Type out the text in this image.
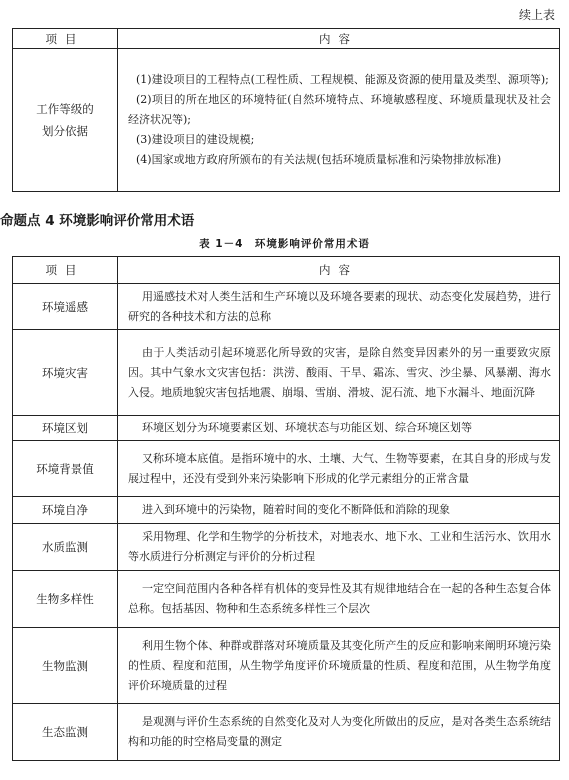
续上表
项目	内容
工作等级的划分依据	(1)建设项目的工程特点(工程性质、工程规模、能源及资源的使用量及类型、源项等);

(2)项目的所在地区的环境特征(自然环境特点、环境敏感程度、环境质量现状及社会经济状况等);

(3)建设项目的建设规模;

(4)国家或地方政府所颁布的有关法规(包括环境质量标准和污染物排放标准)

命题点 4 环境影响评价常用术语
表 1－4　环境影响评价常用术语
项目	内容
环境遥感	用遥感技术对人类生活和生产环境以及环境各要素的现状、动态变化发展趋势，进行研究的各种技术和方法的总称
环境灾害	由于人类活动引起环境恶化所导致的灾害，是除自然变异因素外的另一重要致灾原因。其中气象水文灾害包括：洪涝、酸雨、干旱、霜冻、雪灾、沙尘暴、风暴潮、海水入侵。地质地貌灾害包括地震、崩塌、雪崩、滑坡、泥石流、地下水漏斗、地面沉降
环境区划	环境区划分为环境要素区划、环境状态与功能区划、综合环境区划等
环境背景值	又称环境本底值。是指环境中的水、土壤、大气、生物等要素，在其自身的形成与发展过程中，还没有受到外来污染影响下形成的化学元素组分的正常含量
环境自净	进入到环境中的污染物，随着时间的变化不断降低和消除的现象
水质监测	采用物理、化学和生物学的分析技术，对地表水、地下水、工业和生活污水、饮用水等水质进行分析测定与评价的分析过程
生物多样性	一定空间范围内各种各样有机体的变异性及其有规律地结合在一起的各种生态复合体总称。包括基因、物种和生态系统多样性三个层次
生物监测	利用生物个体、种群或群落对环境质量及其变化所产生的反应和影响来阐明环境污染的性质、程度和范围，从生物学角度评价环境质量的性质、程度和范围，从生物学角度评价环境质量的过程
生态监测	是观测与评价生态系统的自然变化及对人为变化所做出的反应，是对各类生态系统结构和功能的时空格局变量的测定
